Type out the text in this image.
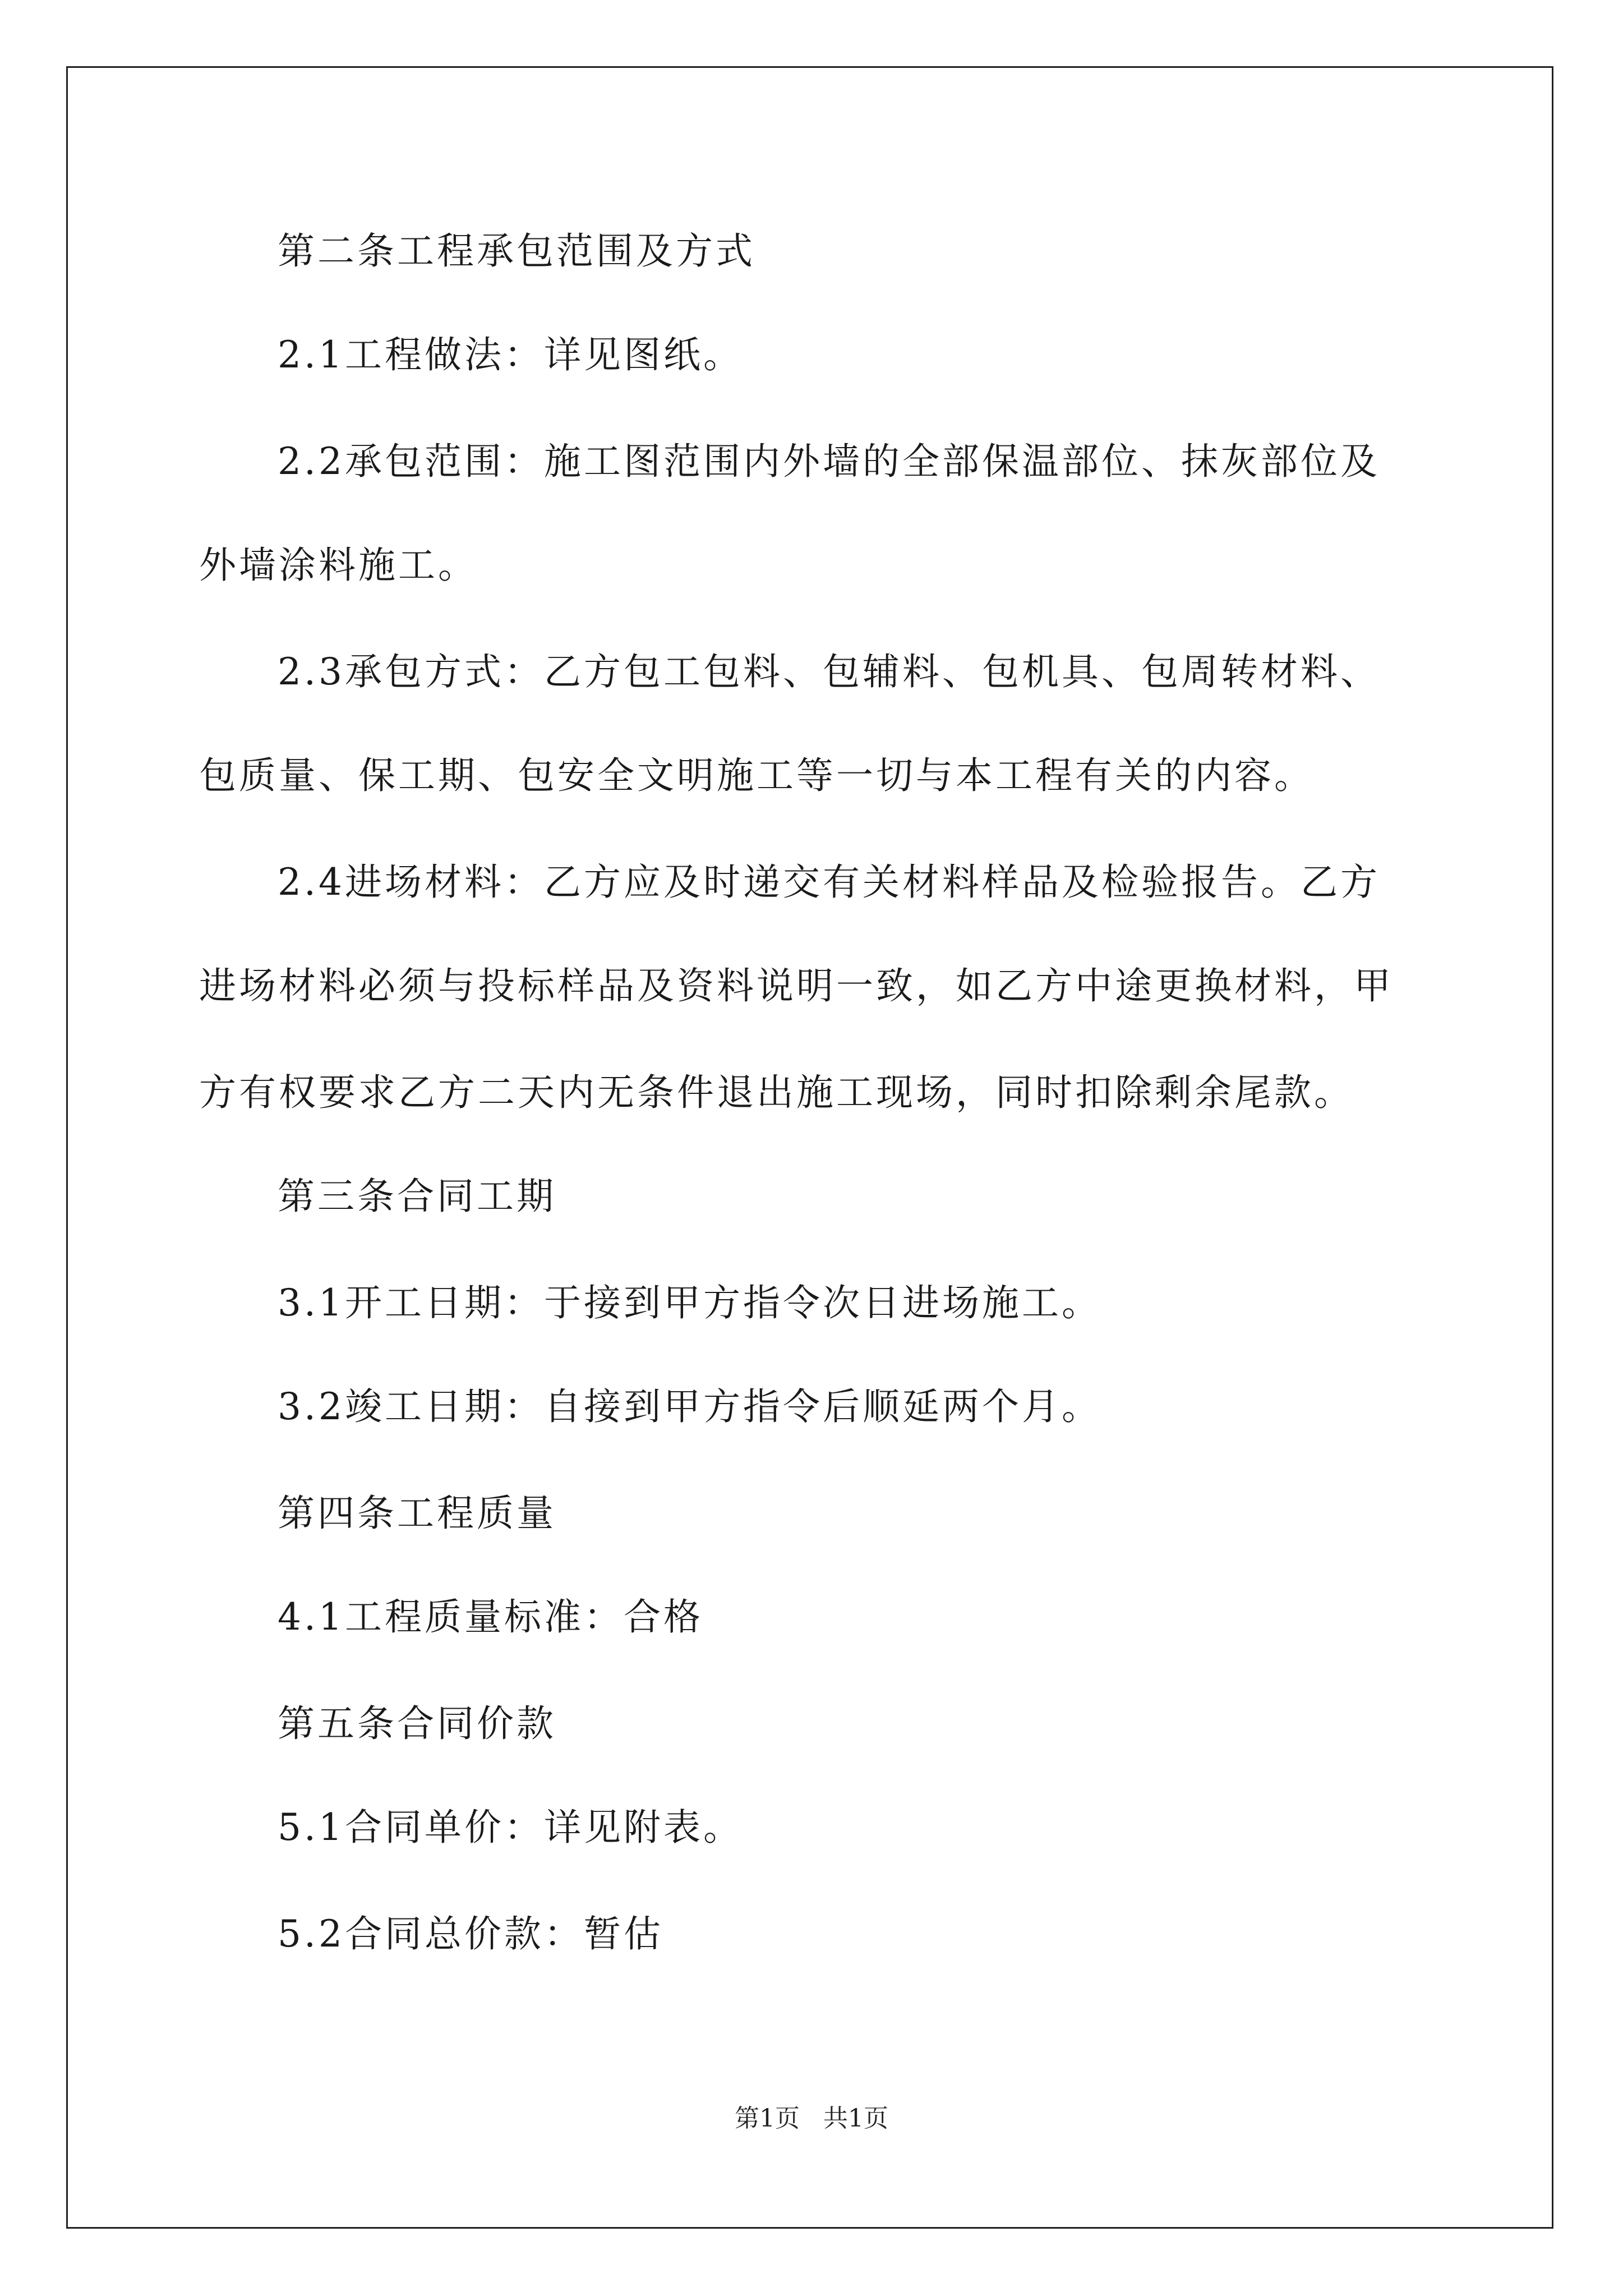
第二条工程承包范围及方式
2.1工程做法：详见图纸。
2.2承包范围：施工图范围内外墙的全部保温部位、抹灰部位及
外墙涂料施工。
2.3承包方式：乙方包工包料、包辅料、包机具、包周转材料、
包质量、保工期、包安全文明施工等一切与本工程有关的内容。
2.4进场材料：乙方应及时递交有关材料样品及检验报告。乙方
进场材料必须与投标样品及资料说明一致，如乙方中途更换材料，甲
方有权要求乙方二天内无条件退出施工现场，同时扣除剩余尾款。
第三条合同工期
3.1开工日期：于接到甲方指令次日进场施工。
3.2竣工日期：自接到甲方指令后顺延两个月。
第四条工程质量
4.1工程质量标准：合格
第五条合同价款
5.1合同单价：详见附表。
5.2合同总价款：暂估
第1页   共1页
